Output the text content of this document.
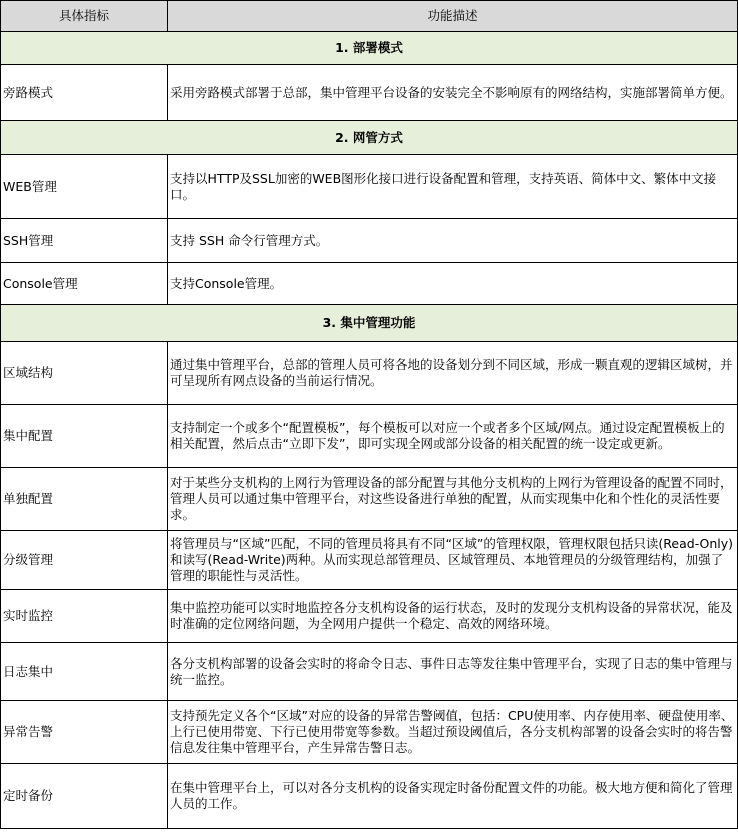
具体指标	功能描述
1. 部署模式	
旁路模式	采用旁路模式部署于总部，集中管理平台设备的安装完全不影响原有的网络结构，实施部署简单方便。
2. 网管方式	
WEB管理	支持以HTTP及SSL加密的WEB图形化接口进行设备配置和管理，支持英语、简体中文、繁体中文接口。
SSH管理	支持 SSH 命令行管理方式。
Console管理	支持Console管理。
3. 集中管理功能	
区域结构	通过集中管理平台，总部的管理人员可将各地的设备划分到不同区域，形成一颗直观的逻辑区域树，并可呈现所有网点设备的当前运行情况。
集中配置	支持制定一个或多个“配置模板”，每个模板可以对应一个或者多个区域/网点。通过设定配置模板上的相关配置，然后点击“立即下发”，即可实现全网或部分设备的相关配置的统一设定或更新。
单独配置	对于某些分支机构的上网行为管理设备的部分配置与其他分支机构的上网行为管理设备的配置不同时，管理人员可以通过集中管理平台，对这些设备进行单独的配置，从而实现集中化和个性化的灵活性要求。
分级管理	将管理员与“区域”匹配，不同的管理员将具有不同“区域”的管理权限，管理权限包括只读(Read-Only)和读写(Read-Write)两种。从而实现总部管理员、区域管理员、本地管理员的分级管理结构，加强了管理的职能性与灵活性。
实时监控	集中监控功能可以实时地监控各分支机构设备的运行状态，及时的发现分支机构设备的异常状况，能及时准确的定位网络问题，为全网用户提供一个稳定、高效的网络环境。
日志集中	各分支机构部署的设备会实时的将命令日志、事件日志等发往集中管理平台，实现了日志的集中管理与统一监控。
异常告警	支持预先定义各个“区域”对应的设备的异常告警阈值，包括：CPU使用率、内存使用率、硬盘使用率、上行已使用带宽、下行已使用带宽等参数。当超过预设阈值后，各分支机构部署的设备会实时的将告警信息发往集中管理平台，产生异常告警日志。
定时备份	在集中管理平台上，可以对各分支机构的设备实现定时备份配置文件的功能。极大地方便和简化了管理人员的工作。
